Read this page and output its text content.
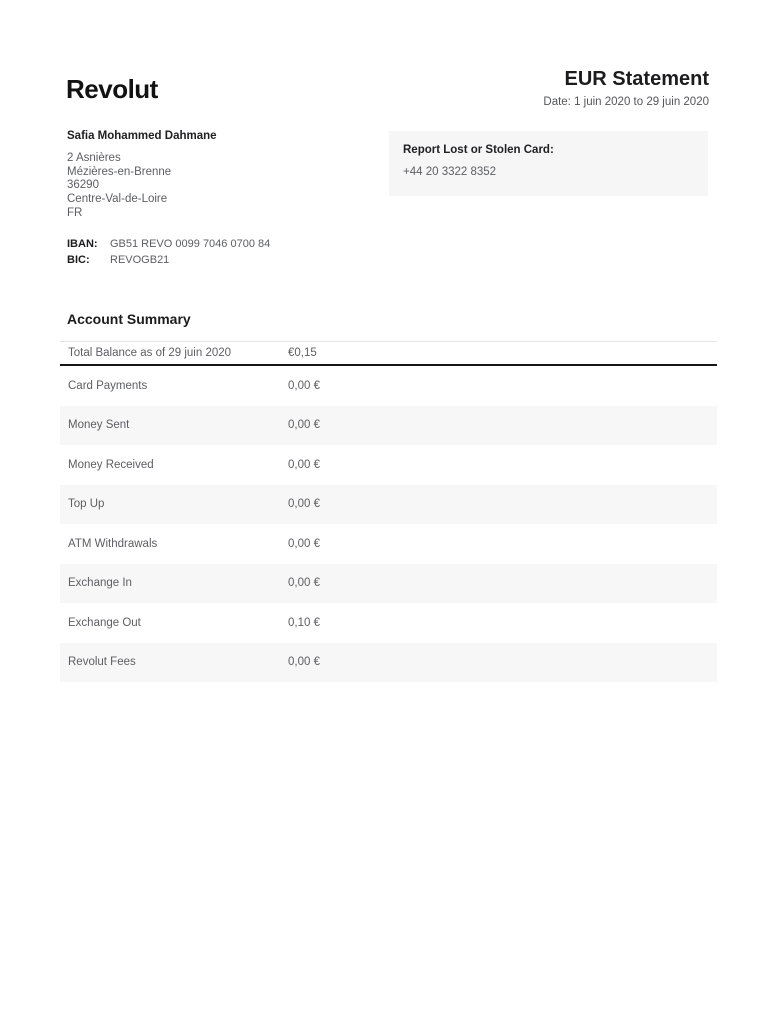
Revolut	EUR Statement
Date: 1 juin 2020 to 29 juin 2020
Safia Mohammed Dahmane
2 Asnières
Mézières-en-Brenne
36290
Centre-Val-de-Loire
FR
IBAN:	GB51 REVO 0099 7046 0700 84
BIC:	REVOGB21
Report Lost or Stolen Card:
+44 20 3322 8352
Account Summary
Total Balance as of 29 juin 2020	€0,15
Card Payments	0,00 €
Money Sent	0,00 €
Money Received	0,00 €
Top Up	0,00 €
ATM Withdrawals	0,00 €
Exchange In	0,00 €
Exchange Out	0,10 €
Revolut Fees	0,00 €
